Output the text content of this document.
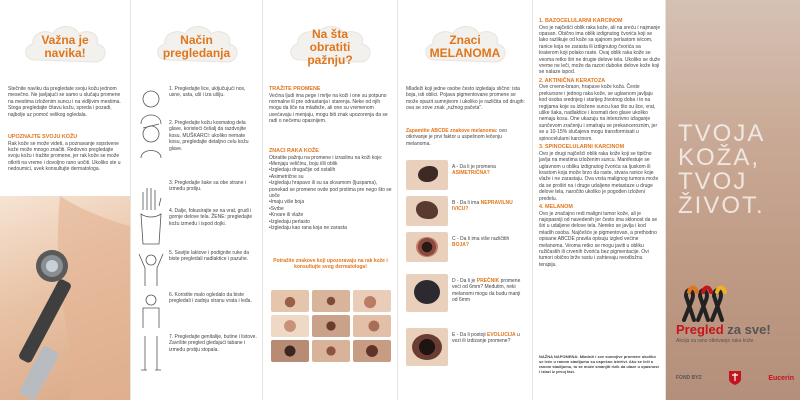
Važna je navika!
Stečnite naviku da pregledate svoju kožu jednom mesečno. Ne javljajući se samo u slučaju promene na mestima izloženim suncu i na vidljivim mestima. Stoga pregledajte čitavu kožu, spreda i pozadi, najbolje uz pomoć velikog ogledala.
UPOZNAJTE SVOJU KOŽU
Rak kože se može videti, a poznavanje sopstvene kože može mnogo značiti. Redovno pregledajte svoju kožu i tražite promene, jer rak kože se može otkriti na vreme i dovoljno rano uočiti. Ukoliko ste u nedoumici, uvek konsultujte dermatologa.
Način pregledanja
1. Pregledajte lice, uključujući nos, usne, usta, uši i iza ušiju.
2. Pregledajte kožu kosmatog dela glave, koristeći češalj da razdvojite kosu. MUŠKARCI: ukoliko nemate kosu, pregledajte detaljno celu kožu glave.
3. Pregledajte šake sa obe strane i između prstiju.
4. Dalje, fokusirajte se na vrat, grudi i gornje delove tela. ŽENE: pregledajte kožu između i ispod dojki.
5. Savijte laktove i podignite ruke da biste pregledali nadlaktice i pazuhe.
6. Koristite malo ogledalo da biste pregledali i zadnju stranu vrata i leđa.
7. Pregledajte genitalije, butine i listove. Završite pregled gledajući tabane i između prstiju stopala.
Na šta obratiti pažnju?
TRAŽITE PROMENE
Većina ljudi ima pege i mrlje na koži i one su potpuno normalne ili pre odrastanja i starenja. Neke od njih mogu da liče na mlađeže, ali one su vremenom uvećavaju i menjaju, mogu biti znak upozorenja da se radi o nečemu opasnijem.
ZNACI RAKA KOŽE
Obratite pažnju na promene i izraslinu na koži koje:
•Menjaju veličinu, boju i/ili oblik
•Izgledaju drugačije od ostalih
•Asimetrične su
•Izgledaju hrapavo ili su sa skvamom (ljuspama), ponekad se promene ovde pod prstima pre nego što se uoče
•Imaju više boja
•Svrbe
•Krvare ili vlaže
•Izgledaju perlasto
•Izgledaju kao rana koja ne zarasta
Potražite znakove koji upozoravaju na rak kože i konsultujte svog dermatologa!
Znaci MELANOMA
Mlađeži koji jedne osobe često izgledaju slično: ista boja, isti oblici. Pojava pigmentovane promene se može opazit sumnjivom i ukoliko je različita od drugih: ova se zove znak „ružnog pačeta".
Zapamtite ABCDE znakove melanoma: ovo otkrivanje je prvi faktor u uspešnom lečenju melanoma.
A - Da li je promena ASIMETRIČNA?
B - Da li ima NEPRAVILNU IVICU?
C - Da li ima više različitih BOJA?
D - Da li je PREČNIK promene veći od 6mm? Međutim, neki melanomi mogu da budu manji od 6mm
E - Da li postoji EVOLUCIJA u vezi ili izdizanje promene?
1. BAZOCELULARNI KARCINOM
Ovo je najčešći oblik raka kože, ali na sreću i najmanje opasan. Obično ima oblik izdignutog čvorića koji se lako razlikuje od kože sa sjajnom perlastom ivicom, ranice koja ne zarasta ili izdignutog čvorića sa kraterom koji polako raste. Ovaj oblik raka kože se veoma retko širi ne drugie delove tela. Ukoliko se duže vreme ne leči, može da razori duboke delove kože koji se nalaze ispod.
2. AKTINIČNA KERATOZA
Ove crveno-braon, hrapave kože koža. Česte prekursore i jednog raka kože, se uglavnom javljaju kod osoba srednjeg i starijeg životnog doba i to na regijama koje su izložene suncu kao što su lice, vrat, uške šaka, nadlaktice i kosmati deo glave ukoliko nemaju kosu. One ukazuju na intenzivno izlaganje sunčevom zračenju i smatraju se prekanceroznim, jer se u 10-15% slučajeva mogu transformisati u spinocelularni karcinom.
3. SPINOCELULARNI KARCINOM
Ovo je drugi najčešći oblik raka kože koji se tipično javlja na mestima izloženim suncu. Manifestuje se uglavnom u obliku izdignutog čvorića sa ljuskom ili krastom koja može brzo da raste, stvara ranice koje vlaže i ne zarastaju. Ova vrsta malignog tumora može da se proširi na i druge udaljene metastaze u druge delove tela, naročito ukoliko je pogođen izloženi predelu.
4. MELANOM
Ovo je značajno redi maligni tumor kože, ali je najopasniji od navedenih jer često ima sklonost da se širi u udaljene delove tela. Nereko se javlja i kod mladih osoba. Najčešće je pigmentovan, a prethodno opisane ABCDE pravila opisuju izgled većine melanoma. Veoma retko se mogu javiti u obliku ružičastih ili crvenih čvorića bez pigmentacije. Ovi tumori obično brže rastu i zahtevaju neodložnu terapiju.
NAŽNA NAPOMENA: Mladeži i sve sumnjive promene ukoliko se leče u ranom stadijumu su uspešno izlečivi. Ako se leči u ranom stadijumu, to se može smanjiti rizik da ulaze u opasnost i izlazi iz prvoj fazi.
TVOJA
KOŽA,
TVOJ
ŽIVOT.
Pregled za sve!
Akcija za rano otkrivanje raka kože
FOND BYZ	Eucerin
